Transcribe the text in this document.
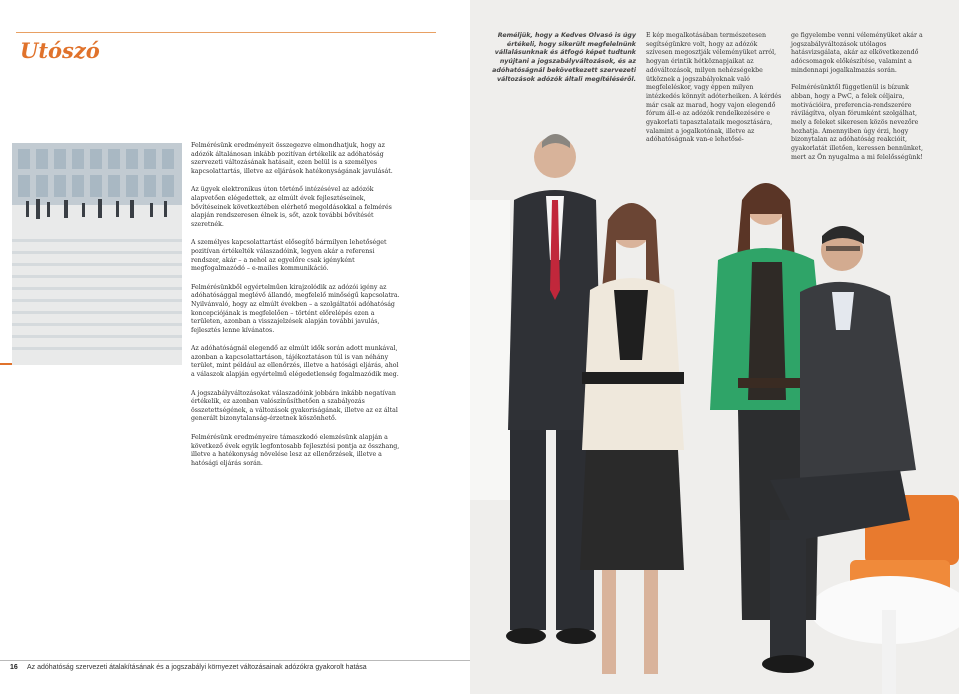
Utószó

Felmérésünk eredményeit összegezve elmondhatjuk, hogy az adózók általánosan inkább pozitívan értékelik az adóhatóság szervezeti változásának hatásait, ezen belül is a személyes kapcsolattartás, illetve az eljárások hatékonyságának javulását.

Az ügyek elektronikus úton történő intézésével az adózók alapvetően elégedettek, az elmúlt évek fejlesztéseinek, bővítéseinek következtében elérhető megoldásokkal a felmérés alapján rendszeresen élnek is, sőt, azok további bővítését szeretnék.

A személyes kapcsolattartást elősegítő bármilyen lehetőséget pozitívan értékelték válaszadóink, legyen akár a referensi rendszer, akár – a nehol az egyelőre csak igényként megfogalmazódó – e-mailes kommunikáció.

Felmérésünkből egyértelműen kirajzolódik az adózói igény az adóhatósággal meglévő állandó, megfelelő minőségű kapcsolatra. Nyilvánvaló, hogy az elmúlt években – a szolgáltatói adóhatóság koncepciójának is megfelelően – történt előrelépés ezen a területen, azonban a visszajelzések alapján további javulás, fejlesztés lenne kívánatos.

Az adóhatóságnál elegendő az elmúlt idők során adott munkával, azonban a kapcsolattartáson, tájékoztatáson túl is van néhány terület, mint például az ellenőrzés, illetve a hatósági eljárás, ahol a válaszok alapján egyértelmű elégedetlenség fogalmazódik meg.

A jogszabályváltozásokat válaszadóink jobbára inkább negatívan értékelik, ez azonban valószínűsíthetően a szabályozás összetettségének, a változások gyakoriságának, illetve az ez által generált bizonytalanság-érzetnek köszönhető.

Felmérésünk eredményeire támaszkodó elemzésünk alapján a következő évek egyik legfontosabb fejlesztési pontja az összhang, illetve a hatékonyság növelése lesz az ellenőrzések, illetve a hatósági eljárás során.

16 Az adóhatóság szervezeti átalakításának és a jogszabályi környezet változásainak adózókra gyakorolt hatása

Reméljük, hogy a Kedves Olvasó is úgy értékeli, hogy sikerült megfelelnünk vállalásunknak és átfogó képet tudtunk nyújtani a jogszabályváltozások, és az adóhatóságnál bekövetkezett szervezeti változások adózók általi megítéléséről.

E kép megalkotásában természetesen segítségünkre volt, hogy az adózók szívesen megosztják véleményüket arról, hogyan érintik hétköznapjaikat az adóváltozások, milyen nehézségekbe ütköznek a jogszabályoknak való megfeleléskor, vagy éppen milyen intézkedés könnyít adóterheiken. A kérdés már csak az marad, hogy vajon elegendő fórum áll-e az adózók rendelkezésére e gyakorlati tapasztalataik megosztására, valamint a jogalkotónak, illetve az adóhatóságnak van-e lehetősé-

ge figyelembe venni véleményüket akár a jogszabályváltozások utólagos hatásvizsgálata, akár az elkövetkezendő adócsomagok előkészítése, valamint a mindennapi jogalkalmazás során.

Felmérésünktől függetlenül is bízunk abban, hogy a PwC, a felek céljaira, motivációira, preferencia-rendszerére rávilágítva, olyan fórumként szolgálhat, mely a feleket sikeresen közös nevezőre hozhatja. Amennyiben úgy érzi, hogy bizonytalan az adóhatóság reakcióit, gyakorlatát illetően, keressen bennünket, mert az Ön nyugalma a mi felelősségünk!
